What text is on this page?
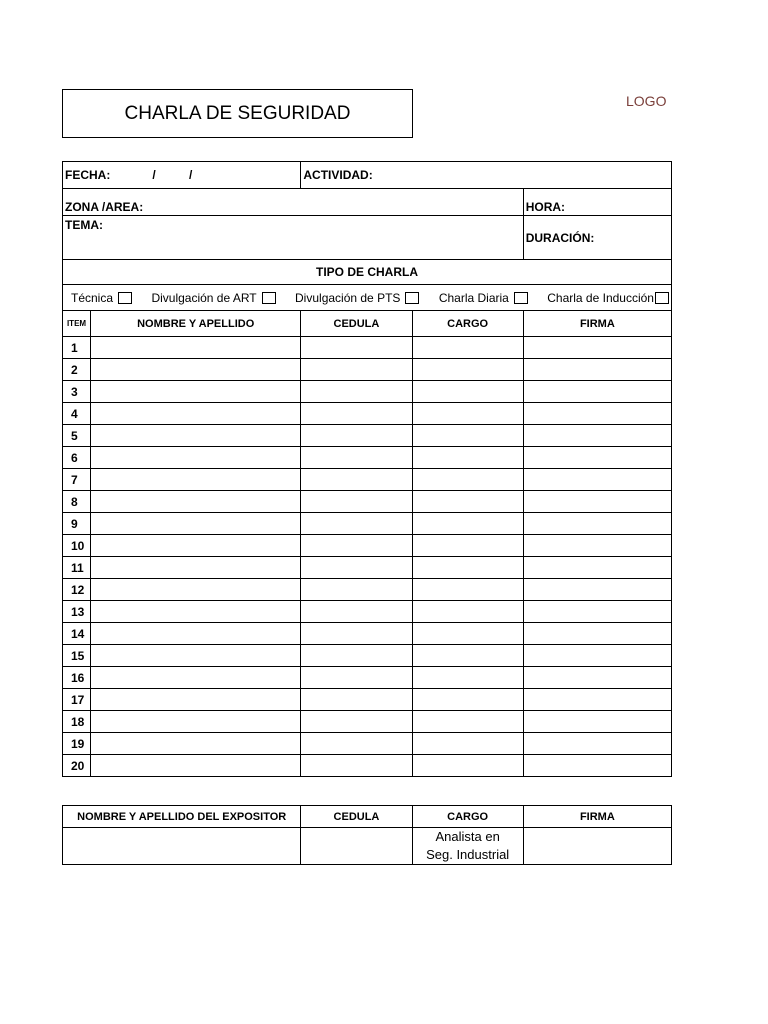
CHARLA DE SEGURIDAD
LOGO
FECHA: /          /		ACTIVIDAD:		
ZONA /AREA:				HORA:
TEMA:				DURACIÓN:
TIPO DE CHARLA				

Técnica Divulgación de ART Divulgación de PTS Charla Diaria Charla de Inducción				

ITEM	NOMBRE Y APELLIDO	CEDULA	CARGO	FIRMA
1				
2				
3				
4				
5				
6				
7				
8				
9				
10				
11				
12				
13				
14				
15				
16				
17				
18				
19				
20				
NOMBRE Y APELLIDO DEL EXPOSITOR	CEDULA	CARGO	FIRMA

		Analista en
Seg. Industrial	
